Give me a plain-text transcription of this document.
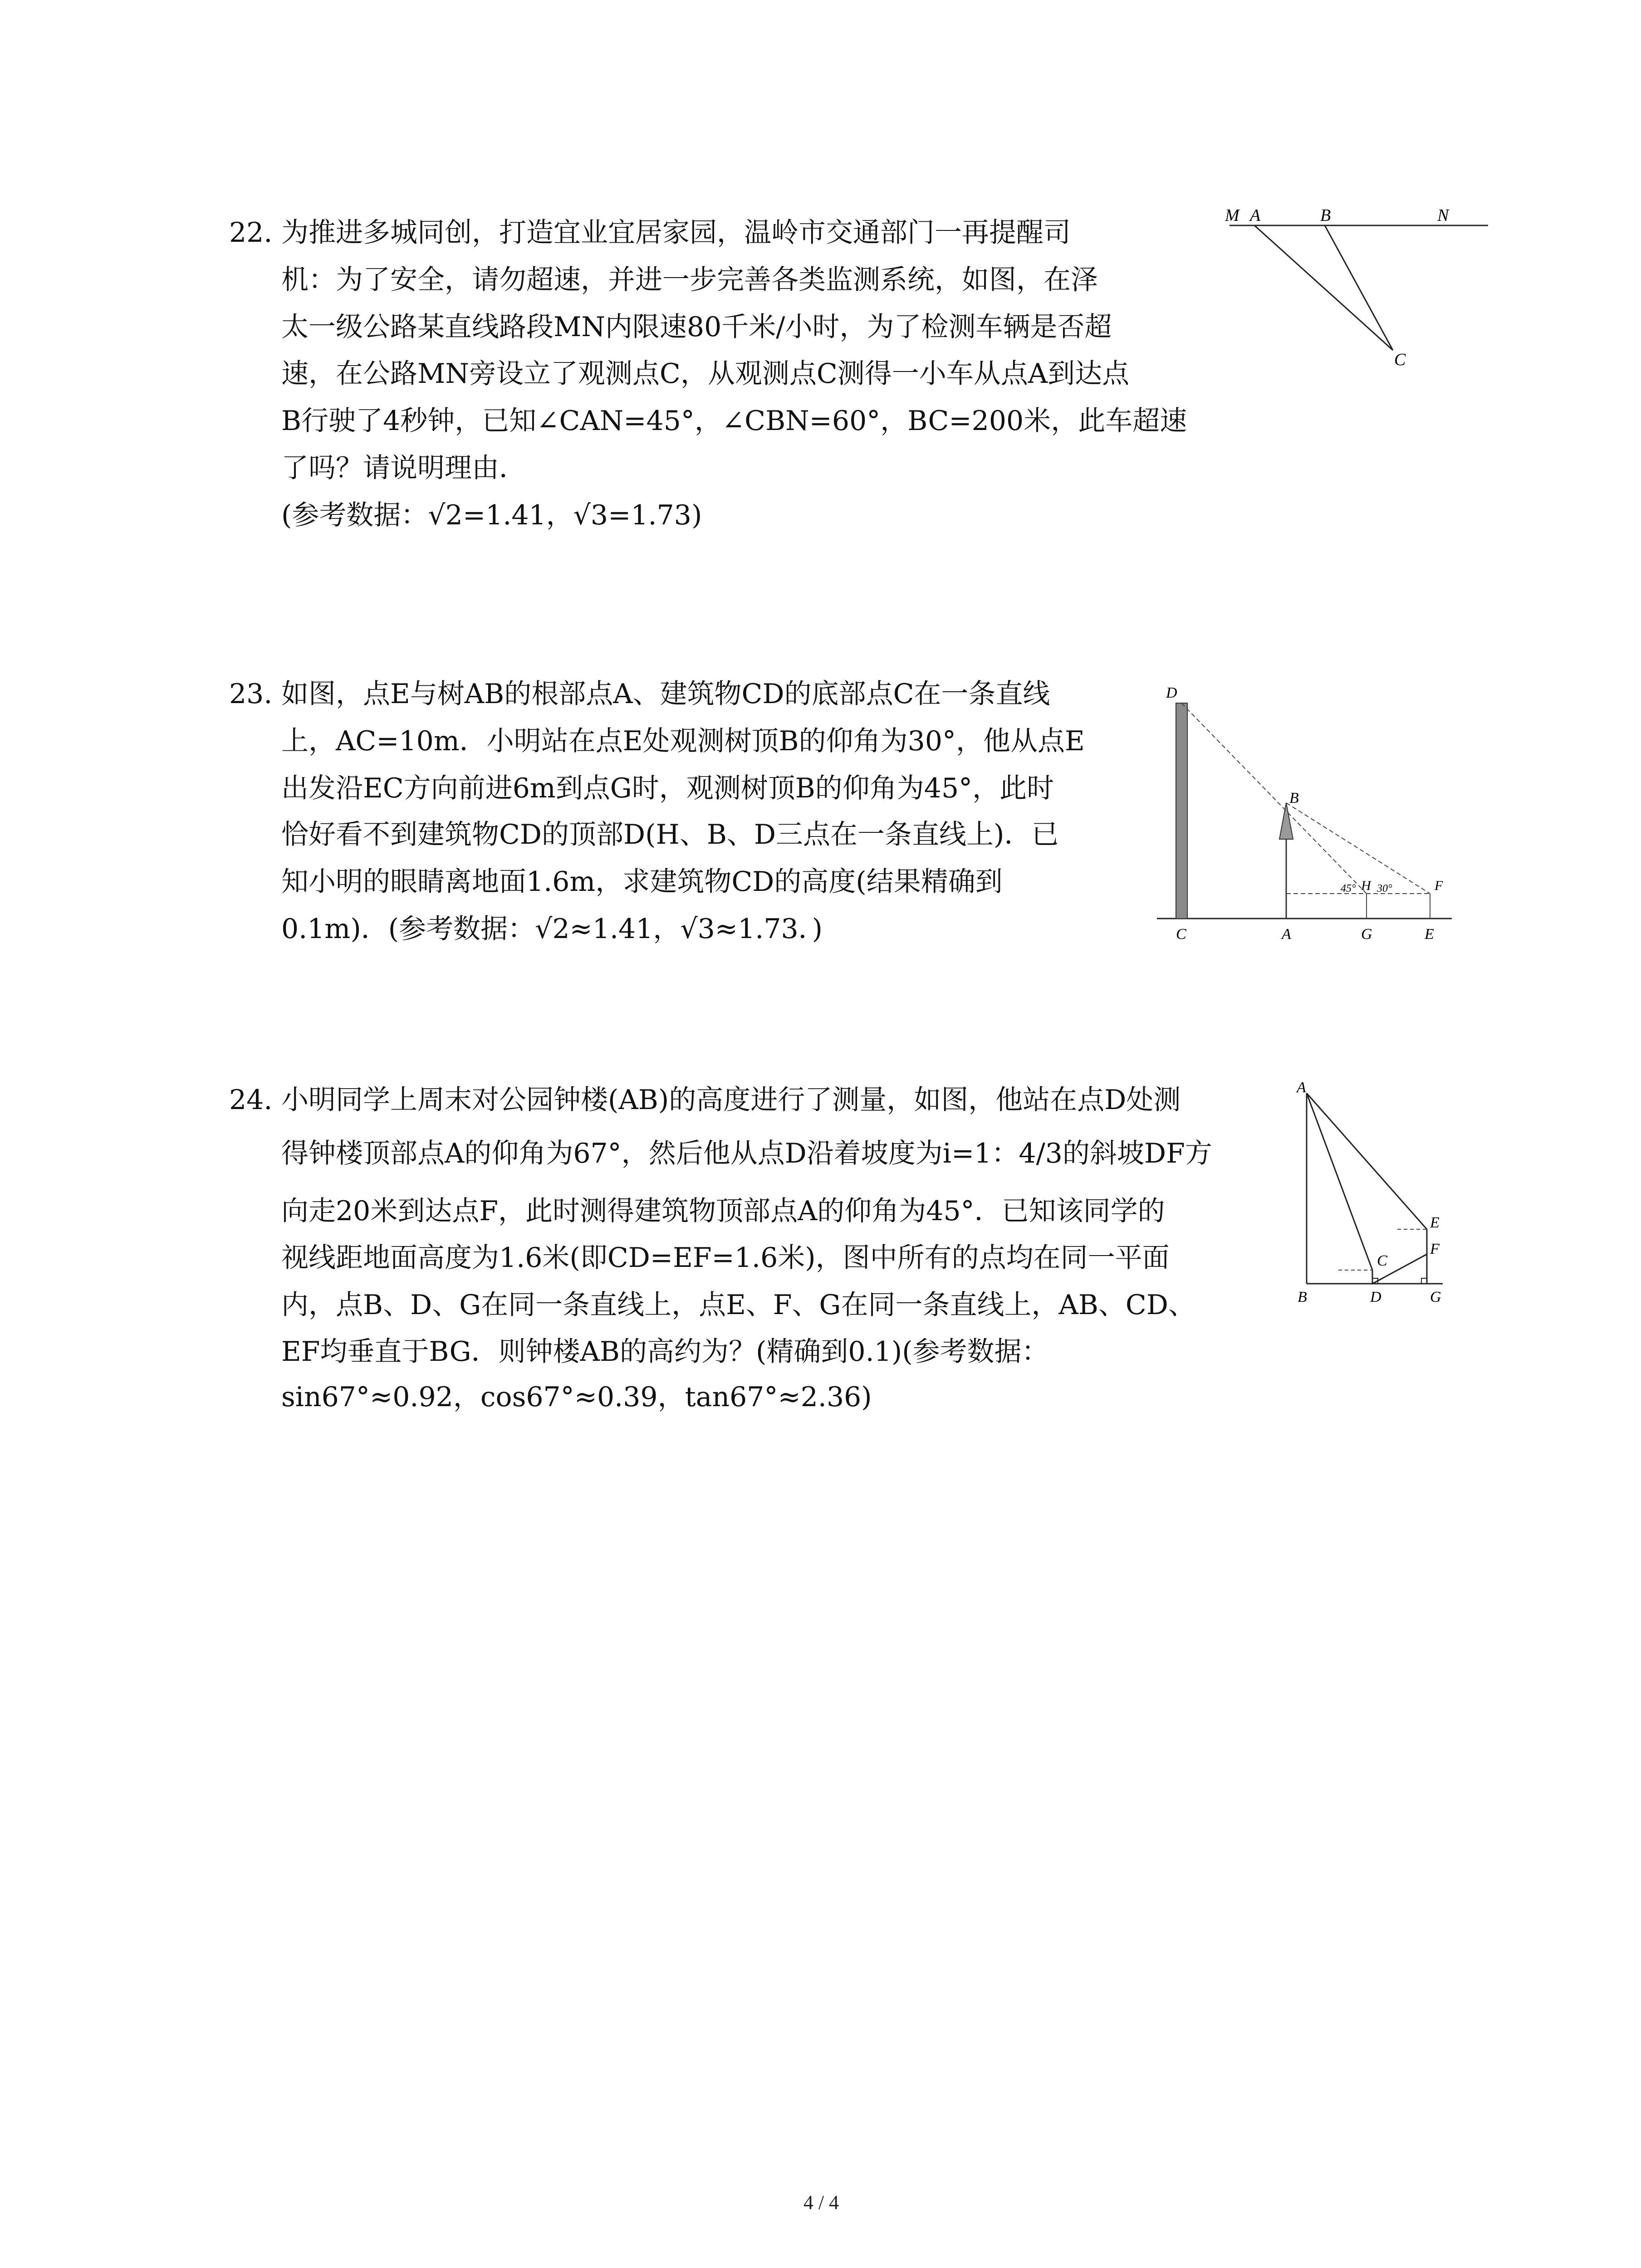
22. 为推进多城同创，打造宜业宜居家园，温岭市交通部门一再提醒司
机：为了安全，请勿超速，并进一步完善各类监测系统，如图，在泽
太一级公路某直线路段MN内限速80千米/小时，为了检测车辆是否超
速，在公路MN旁设立了观测点C，从观测点C测得一小车从点A到达点
B行驶了4秒钟，已知∠CAN=45°，∠CBN=60°，BC=200米，此车超速
了吗？请说明理由．
(参考数据：√2=1.41，√3=1.73)
M A	B	N
C
23. 如图，点E与树AB的根部点A、建筑物CD的底部点C在一条直线
上，AC=10m．小明站在点E处观测树顶B的仰角为30°，他从点E
出发沿EC方向前进6m到点G时，观测树顶B的仰角为45°，此时
恰好看不到建筑物CD的顶部D(H、B、D三点在一条直线上)．已
知小明的眼睛离地面1.6m，求建筑物CD的高度(结果精确到
0.1m)．(参考数据：√2≈1.41，√3≈1.73．)
D
B
H	F
C	A	G	E
45° 30°
24. 小明同学上周末对公园钟楼(AB)的高度进行了测量，如图，他站在点D处测
得钟楼顶部点A的仰角为67°，然后他从点D沿着坡度为i=1：4/3的斜坡DF方
向走20米到达点F，此时测得建筑物顶部点A的仰角为45°．已知该同学的
视线距地面高度为1.6米(即CD=EF=1.6米)，图中所有的点均在同一平面
内，点B、D、G在同一条直线上，点E、F、G在同一条直线上，AB、CD、
EF均垂直于BG．则钟楼AB的高约为？(精确到0.1)(参考数据：
sin67°≈0.92，cos67°≈0.39，tan67°≈2.36)
A
E
F
C
B	D	G
4 / 4
